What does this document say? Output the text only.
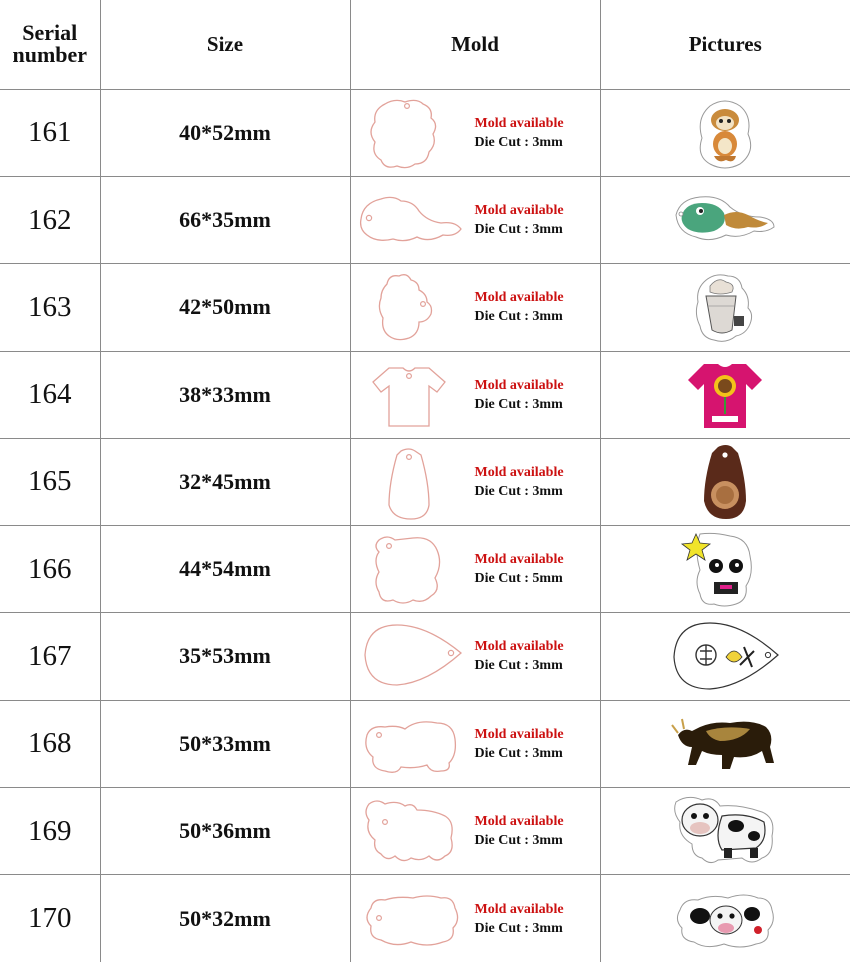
Serial
number	Size	Mold	Pictures
161	40*52mm	Mold available
Die Cut : 3mm

162	66*35mm	Mold available
Die Cut : 3mm

163	42*50mm	Mold available
Die Cut : 3mm

164	38*33mm	Mold available
Die Cut : 3mm

165	32*45mm	Mold available
Die Cut : 3mm

166	44*54mm	Mold available
Die Cut : 5mm

167	35*53mm	Mold available
Die Cut : 3mm

168	50*33mm	Mold available
Die Cut : 3mm

169	50*36mm	Mold available
Die Cut : 3mm

170	50*32mm	Mold available
Die Cut : 3mm
